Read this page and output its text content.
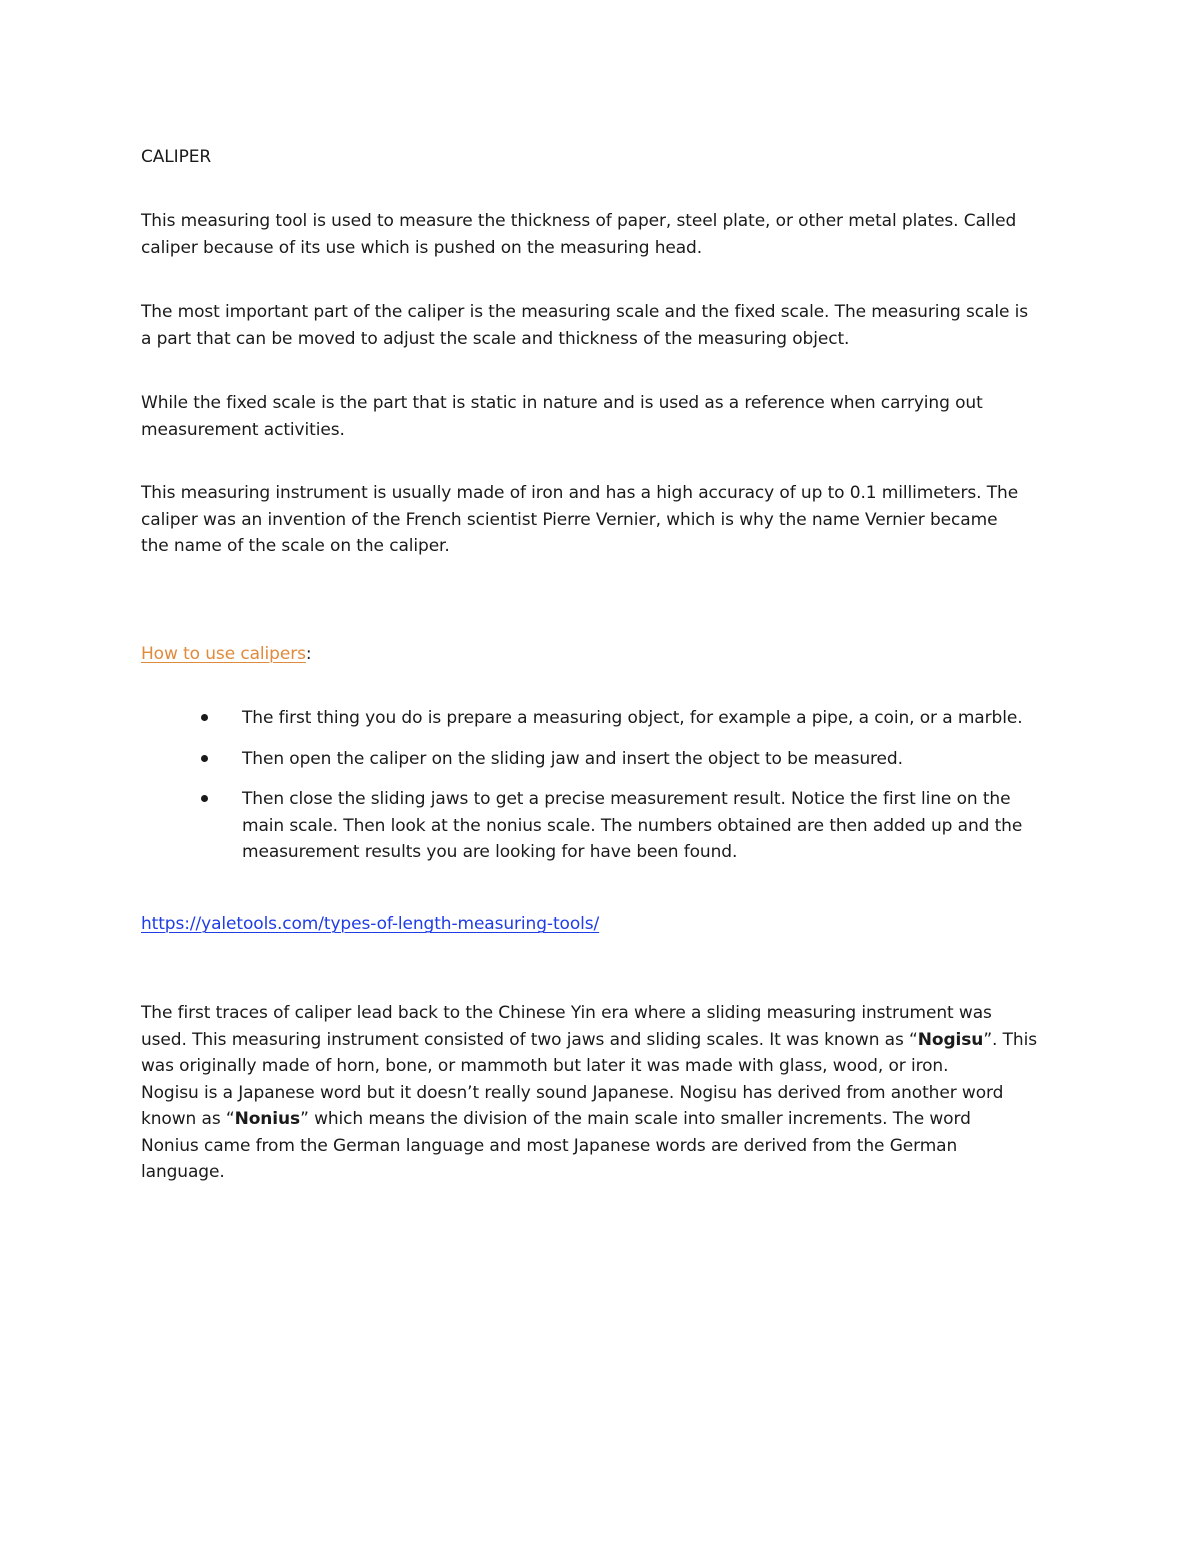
CALIPER

This measuring tool is used to measure the thickness of paper, steel plate, or other metal plates. Called
caliper because of its use which is pushed on the measuring head.

The most important part of the caliper is the measuring scale and the fixed scale. The measuring scale is
a part that can be moved to adjust the scale and thickness of the measuring object.

While the fixed scale is the part that is static in nature and is used as a reference when carrying out
measurement activities.

This measuring instrument is usually made of iron and has a high accuracy of up to 0.1 millimeters. The
caliper was an invention of the French scientist Pierre Vernier, which is why the name Vernier became
the name of the scale on the caliper.

How to use calipers:

The first thing you do is prepare a measuring object, for example a pipe, a coin, or a marble.
Then open the caliper on the sliding jaw and insert the object to be measured.
Then close the sliding jaws to get a precise measurement result. Notice the first line on the
main scale. Then look at the nonius scale. The numbers obtained are then added up and the
measurement results you are looking for have been found.

https://yaletools.com/types-of-length-measuring-tools/

The first traces of caliper lead back to the Chinese Yin era where a sliding measuring instrument was
used. This measuring instrument consisted of two jaws and sliding scales. It was known as “Nogisu”. This
was originally made of horn, bone, or mammoth but later it was made with glass, wood, or iron.
Nogisu is a Japanese word but it doesn’t really sound Japanese. Nogisu has derived from another word
known as “Nonius” which means the division of the main scale into smaller increments. The word
Nonius came from the German language and most Japanese words are derived from the German
language.
